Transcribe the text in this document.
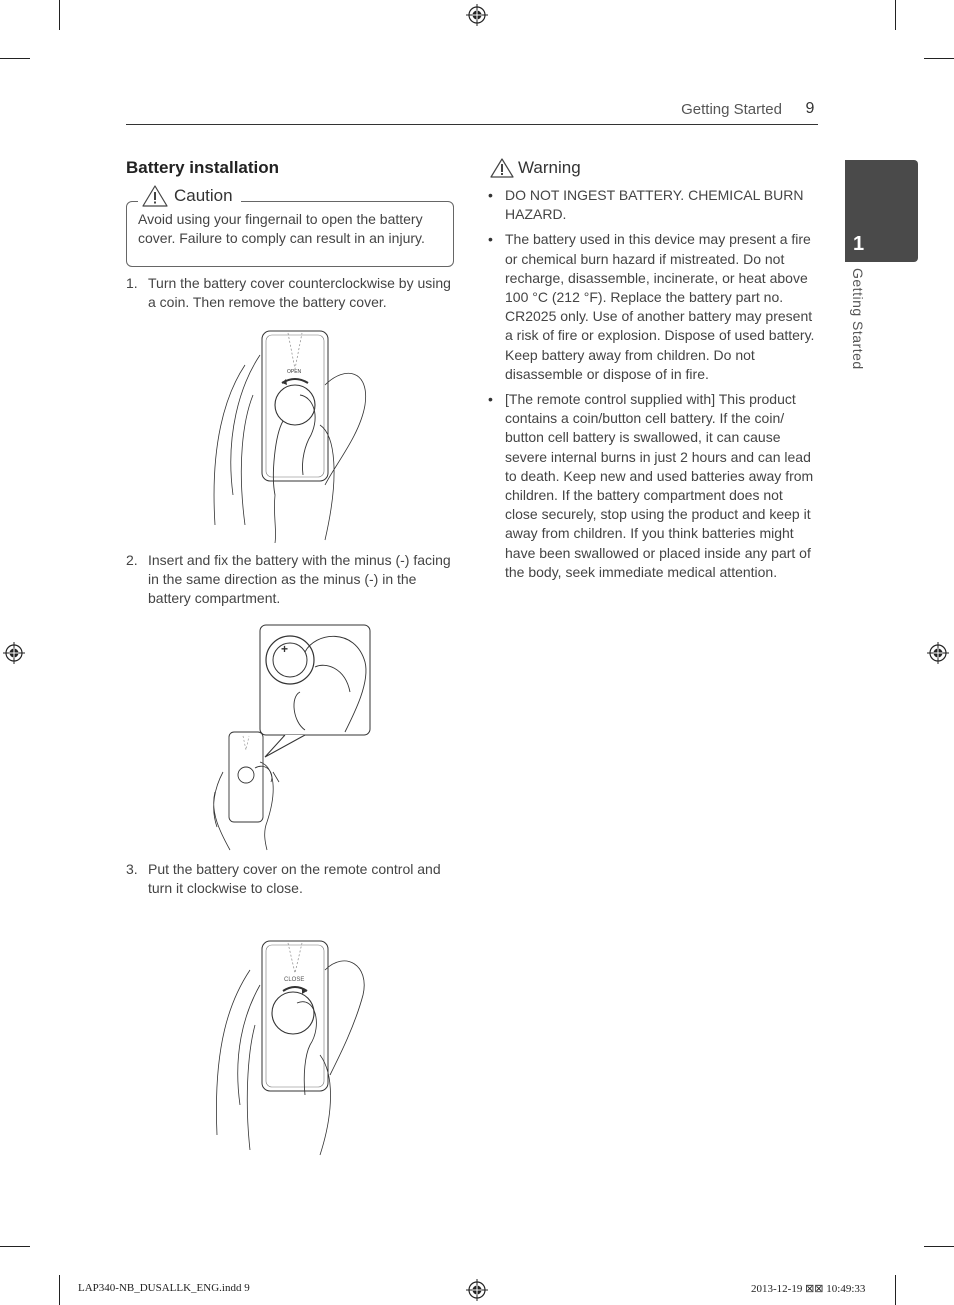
Getting Started	9
1
Getting Started
Battery installation
Caution
Avoid using your fingernail to open the battery cover. Failure to comply can result in an injury.
1. Turn the battery cover counterclockwise by using a coin. Then remove the battery cover.
OPEN
2. Insert and fix the battery with the minus (-) facing in the same direction as the minus (-) in the battery compartment.
+
3. Put the battery cover on the remote control and turn it clockwise to close.
CLOSE
Warning
• DO NOT INGEST BATTERY. CHEMICAL BURN HAZARD.
• The battery used in this device may present a fire or chemical burn hazard if mistreated. Do not recharge, disassemble, incinerate, or heat above 100 °C (212 °F). Replace the battery part no. CR2025 only. Use of another battery may present a risk of fire or explosion. Dispose of used battery. Keep battery away from children. Do not disassemble or dispose of in fire.
• [The remote control supplied with] This product contains a coin/button cell battery. If the coin/ button cell battery is swallowed, it can cause severe internal burns in just 2 hours and can lead to death. Keep new and used batteries away from children. If the battery compartment does not close securely, stop using the product and keep it away from children. If you think batteries might have been swallowed or placed inside any part of the body, seek immediate medical attention.
LAP340-NB_DUSALLK_ENG.indd 9	2013-12-19 ⊠⊠ 10:49:33
